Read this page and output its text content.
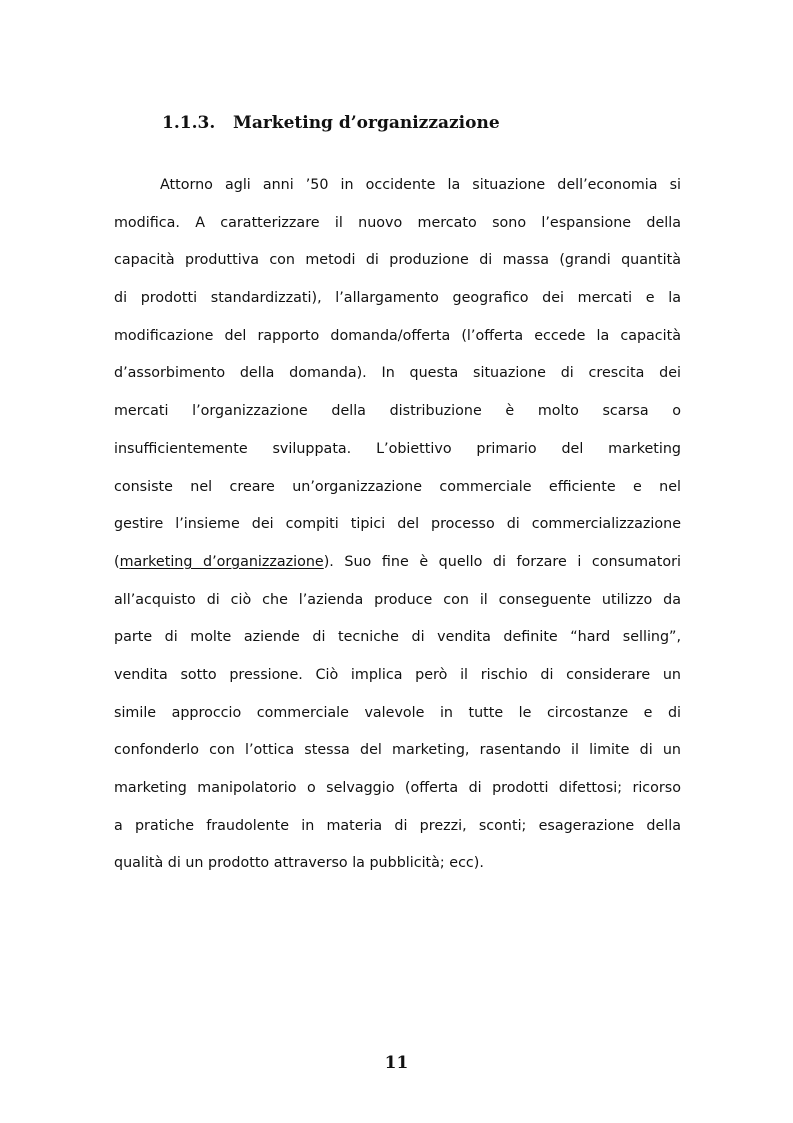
1.1.3. Marketing d’organizzazione
Attorno agli anni ’50 in occidente la situazione dell’economia si
modifica. A caratterizzare il nuovo mercato sono l’espansione della
capacità produttiva con metodi di produzione di massa (grandi quantità
di prodotti standardizzati), l’allargamento geografico dei mercati e la
modificazione del rapporto domanda/offerta (l’offerta eccede la capacità
d’assorbimento della domanda). In questa situazione di crescita dei
mercati l’organizzazione della distribuzione è molto scarsa o
insufficientemente sviluppata. L’obiettivo primario del marketing
consiste nel creare un’organizzazione commerciale efficiente e nel
gestire l’insieme dei compiti tipici del processo di commercializzazione
(marketing d’organizzazione). Suo fine è quello di forzare i consumatori
all’acquisto di ciò che l’azienda produce con il conseguente utilizzo da
parte di molte aziende di tecniche di vendita definite “hard selling”,
vendita sotto pressione. Ciò implica però il rischio di considerare un
simile approccio commerciale valevole in tutte le circostanze e di
confonderlo con l’ottica stessa del marketing, rasentando il limite di un
marketing manipolatorio o selvaggio (offerta di prodotti difettosi; ricorso
a pratiche fraudolente in materia di prezzi, sconti; esagerazione della
qualità di un prodotto attraverso la pubblicità; ecc).
11
